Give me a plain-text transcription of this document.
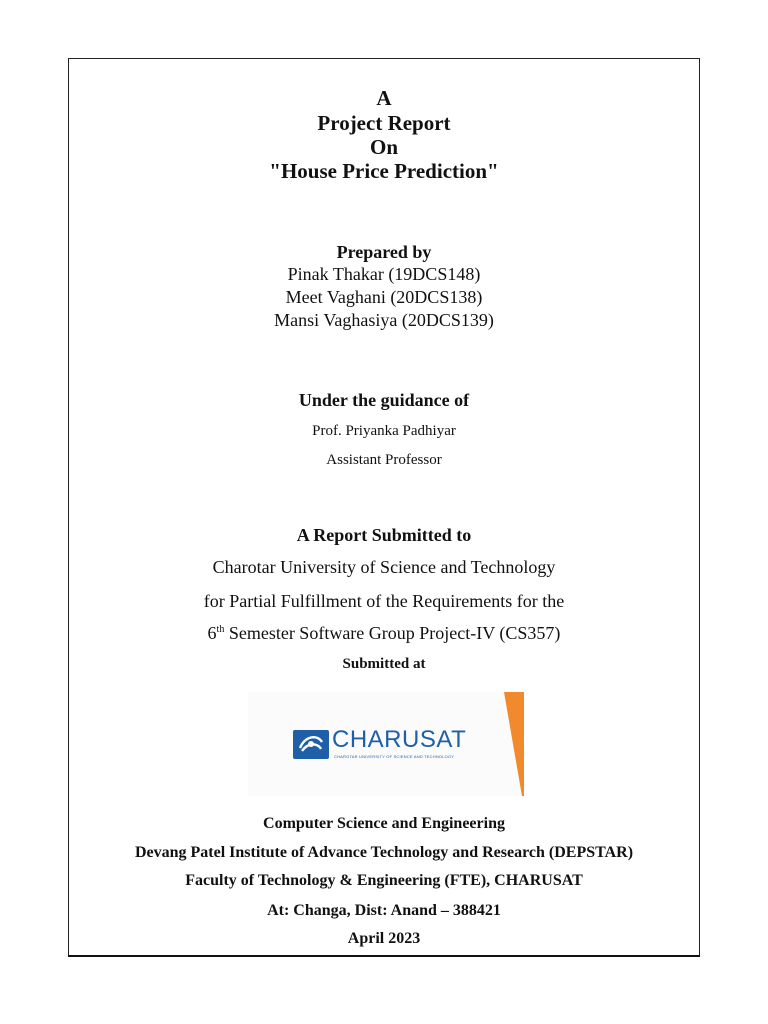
A
Project Report
On
"House Price Prediction"
Prepared by
Pinak Thakar (19DCS148)
Meet Vaghani (20DCS138)
Mansi Vaghasiya (20DCS139)
Under the guidance of
Prof. Priyanka Padhiyar
Assistant Professor
A Report Submitted to
Charotar University of Science and Technology
for Partial Fulfillment of the Requirements for the
6th Semester Software Group Project-IV (CS357)
Submitted at
CHARUSAT
CHAROTAR UNIVERSITY OF SCIENCE AND TECHNOLOGY
Computer Science and Engineering
Devang Patel Institute of Advance Technology and Research (DEPSTAR)
Faculty of Technology & Engineering (FTE), CHARUSAT
At: Changa, Dist: Anand – 388421
April 2023
